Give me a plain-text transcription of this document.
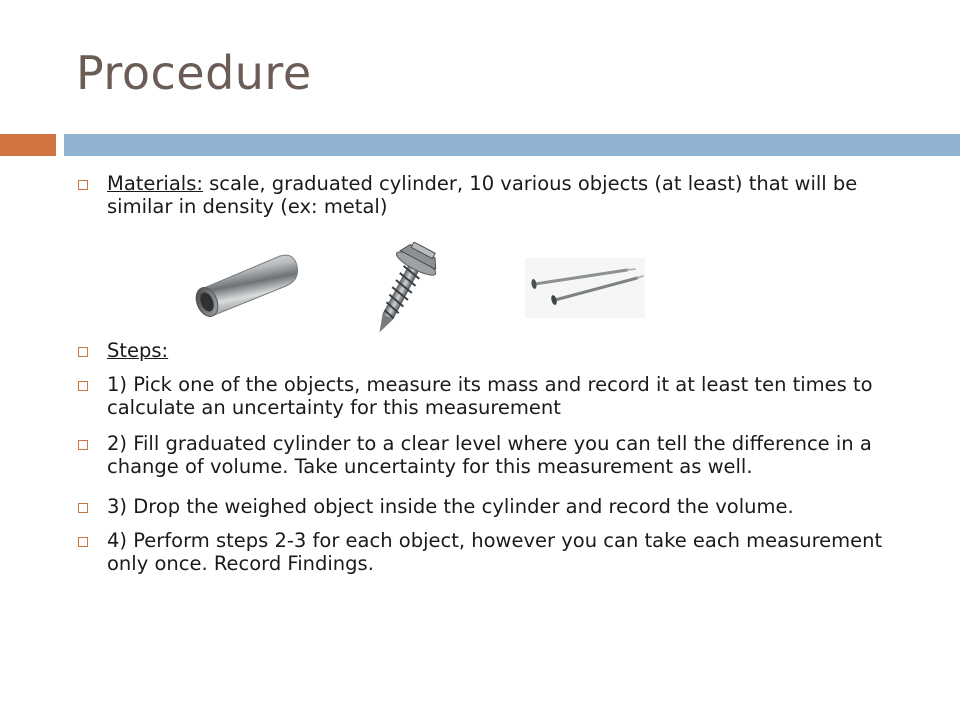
Procedure
Materials: scale, graduated cylinder, 10 various objects (at least) that will be similar in density (ex: metal)
Steps:
1) Pick one of the objects, measure its mass and record it at least ten times to calculate an uncertainty for this measurement
2) Fill graduated cylinder to a clear level where you can tell the difference in a change of volume. Take uncertainty for this measurement as well.
3) Drop the weighed object inside the cylinder and record the volume.
4) Perform steps 2-3 for each object, however you can take each measurement only once. Record Findings.
